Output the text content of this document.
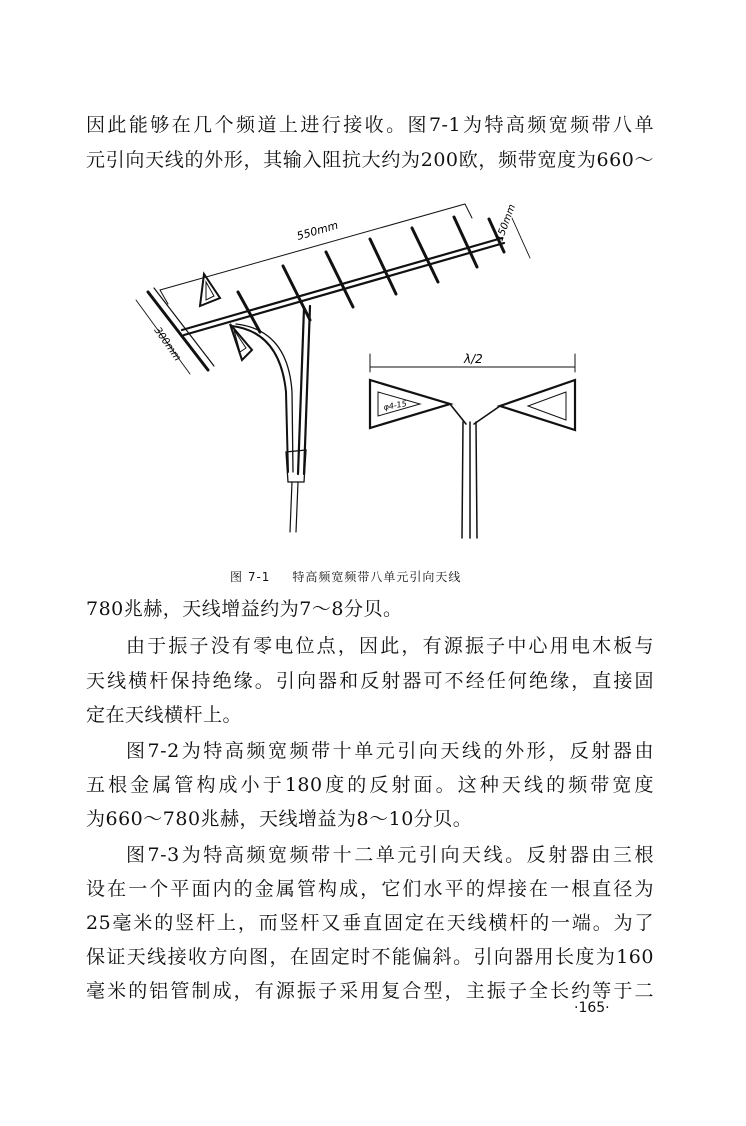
因此能够在几个频道上进行接收。图7-1为特高频宽频带八单
元引向天线的外形，其输入阻抗大约为200欧，频带宽度为660～
550mm	150mm
300mm	λ/2
φ4-15
图 7-1 特高频宽频带八单元引向天线
780兆赫，天线增益约为7～8分贝。
由于振子没有零电位点，因此，有源振子中心用电木板与
天线横杆保持绝缘。引向器和反射器可不经任何绝缘，直接固
定在天线横杆上。
图7-2为特高频宽频带十单元引向天线的外形，反射器由
五根金属管构成小于180度的反射面。这种天线的频带宽度
为660～780兆赫，天线增益为8～10分贝。
图7-3为特高频宽频带十二单元引向天线。反射器由三根
设在一个平面内的金属管构成，它们水平的焊接在一根直径为
25毫米的竖杆上，而竖杆又垂直固定在天线横杆的一端。为了
保证天线接收方向图，在固定时不能偏斜。引向器用长度为160
毫米的铝管制成，有源振子采用复合型，主振子全长约等于二
·165·
